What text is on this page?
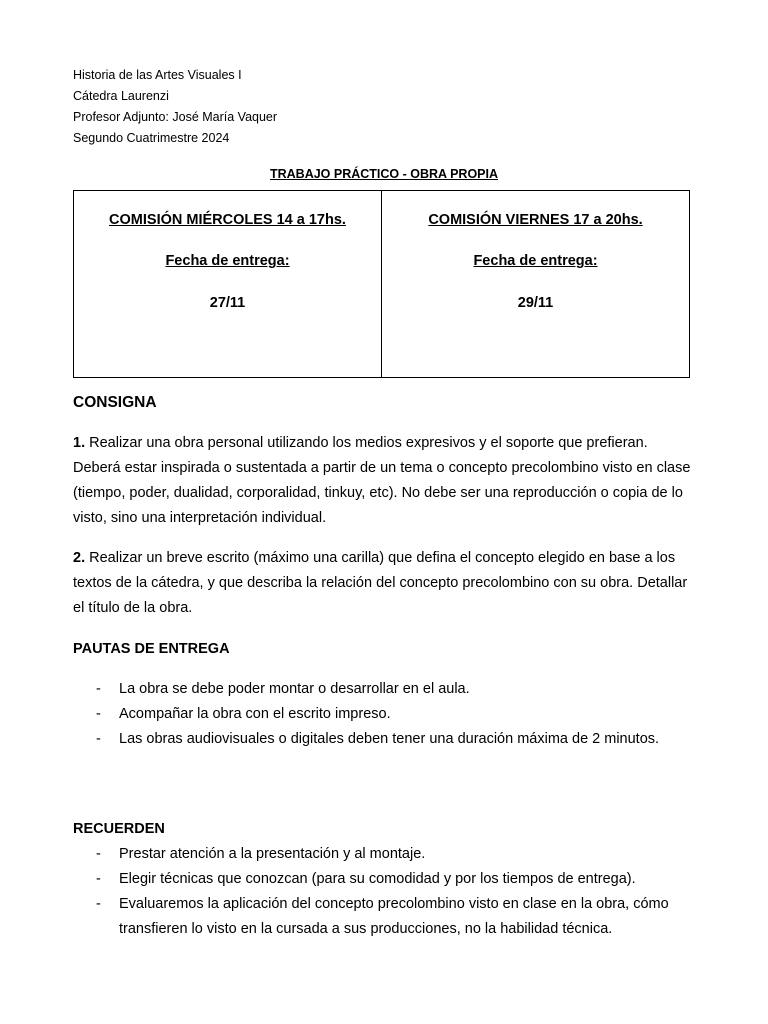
Historia de las Artes Visuales I
Cátedra Laurenzi
Profesor Adjunto: José María Vaquer
Segundo Cuatrimestre 2024
TRABAJO PRÁCTICO - OBRA PROPIA
COMISIÓN MIÉRCOLES 14 a 17hs.
Fecha de entrega:
27/11
COMISIÓN VIERNES 17 a 20hs.
Fecha de entrega:
29/11
CONSIGNA
1. Realizar una obra personal utilizando los medios expresivos y el soporte que prefieran. Deberá estar inspirada o sustentada a partir de un tema o concepto precolombino visto en clase (tiempo, poder, dualidad, corporalidad, tinkuy, etc). No debe ser una reproducción o copia de lo visto, sino una interpretación individual.
2. Realizar un breve escrito (máximo una carilla) que defina el concepto elegido en base a los textos de la cátedra, y que describa la relación del concepto precolombino con su obra. Detallar el título de la obra.
PAUTAS DE ENTREGA
-	La obra se debe poder montar o desarrollar en el aula.
-	Acompañar la obra con el escrito impreso.
-	Las obras audiovisuales o digitales deben tener una duración máxima de 2 minutos.
RECUERDEN
-	Prestar atención a la presentación y al montaje.
-	Elegir técnicas que conozcan (para su comodidad y por los tiempos de entrega).
-	Evaluaremos la aplicación del concepto precolombino visto en clase en la obra, cómo transfieren lo visto en la cursada a sus producciones, no la habilidad técnica.
